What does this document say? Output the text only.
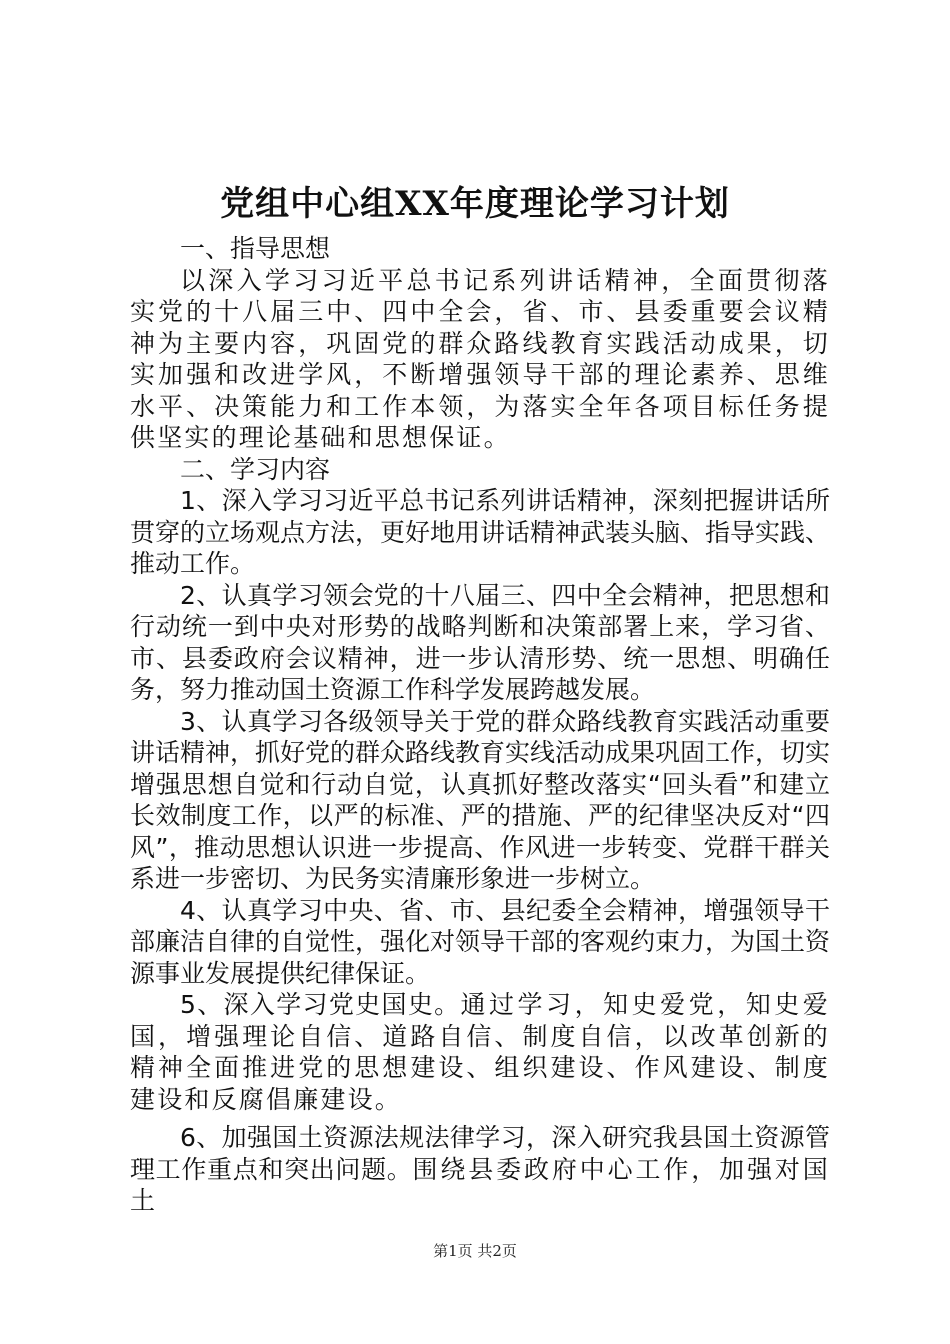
党组中心组XX年度理论学习计划

一、指导思想

以深入学习习近平总书记系列讲话精神，全面贯彻落实党的十八届三中、四中全会，省、市、县委重要会议精神为主要内容，巩固党的群众路线教育实践活动成果，切实加强和改进学风，不断增强领导干部的理论素养、思维水平、决策能力和工作本领，为落实全年各项目标任务提供坚实的理论基础和思想保证。

二、学习内容

1、深入学习习近平总书记系列讲话精神，深刻把握讲话所贯穿的立场观点方法，更好地用讲话精神武装头脑、指导实践、推动工作。

2、认真学习领会党的十八届三、四中全会精神，把思想和行动统一到中央对形势的战略判断和决策部署上来，学习省、市、县委政府会议精神，进一步认清形势、统一思想、明确任务，努力推动国土资源工作科学发展跨越发展。

3、认真学习各级领导关于党的群众路线教育实践活动重要讲话精神，抓好党的群众路线教育实线活动成果巩固工作，切实增强思想自觉和行动自觉，认真抓好整改落实“回头看”和建立长效制度工作，以严的标准、严的措施、严的纪律坚决反对“四风”，推动思想认识进一步提高、作风进一步转变、党群干群关系进一步密切、为民务实清廉形象进一步树立。

4、认真学习中央、省、市、县纪委全会精神，增强领导干部廉洁自律的自觉性，强化对领导干部的客观约束力，为国土资源事业发展提供纪律保证。

5、深入学习党史国史。通过学习，知史爱党，知史爱国，增强理论自信、道路自信、制度自信，以改革创新的精神全面推进党的思想建设、组织建设、作风建设、制度建设和反腐倡廉建设。

6、加强国土资源法规法律学习，深入研究我县国土资源管理工作重点和突出问题。围绕县委政府中心工作，加强对国土

第1页 共2页
